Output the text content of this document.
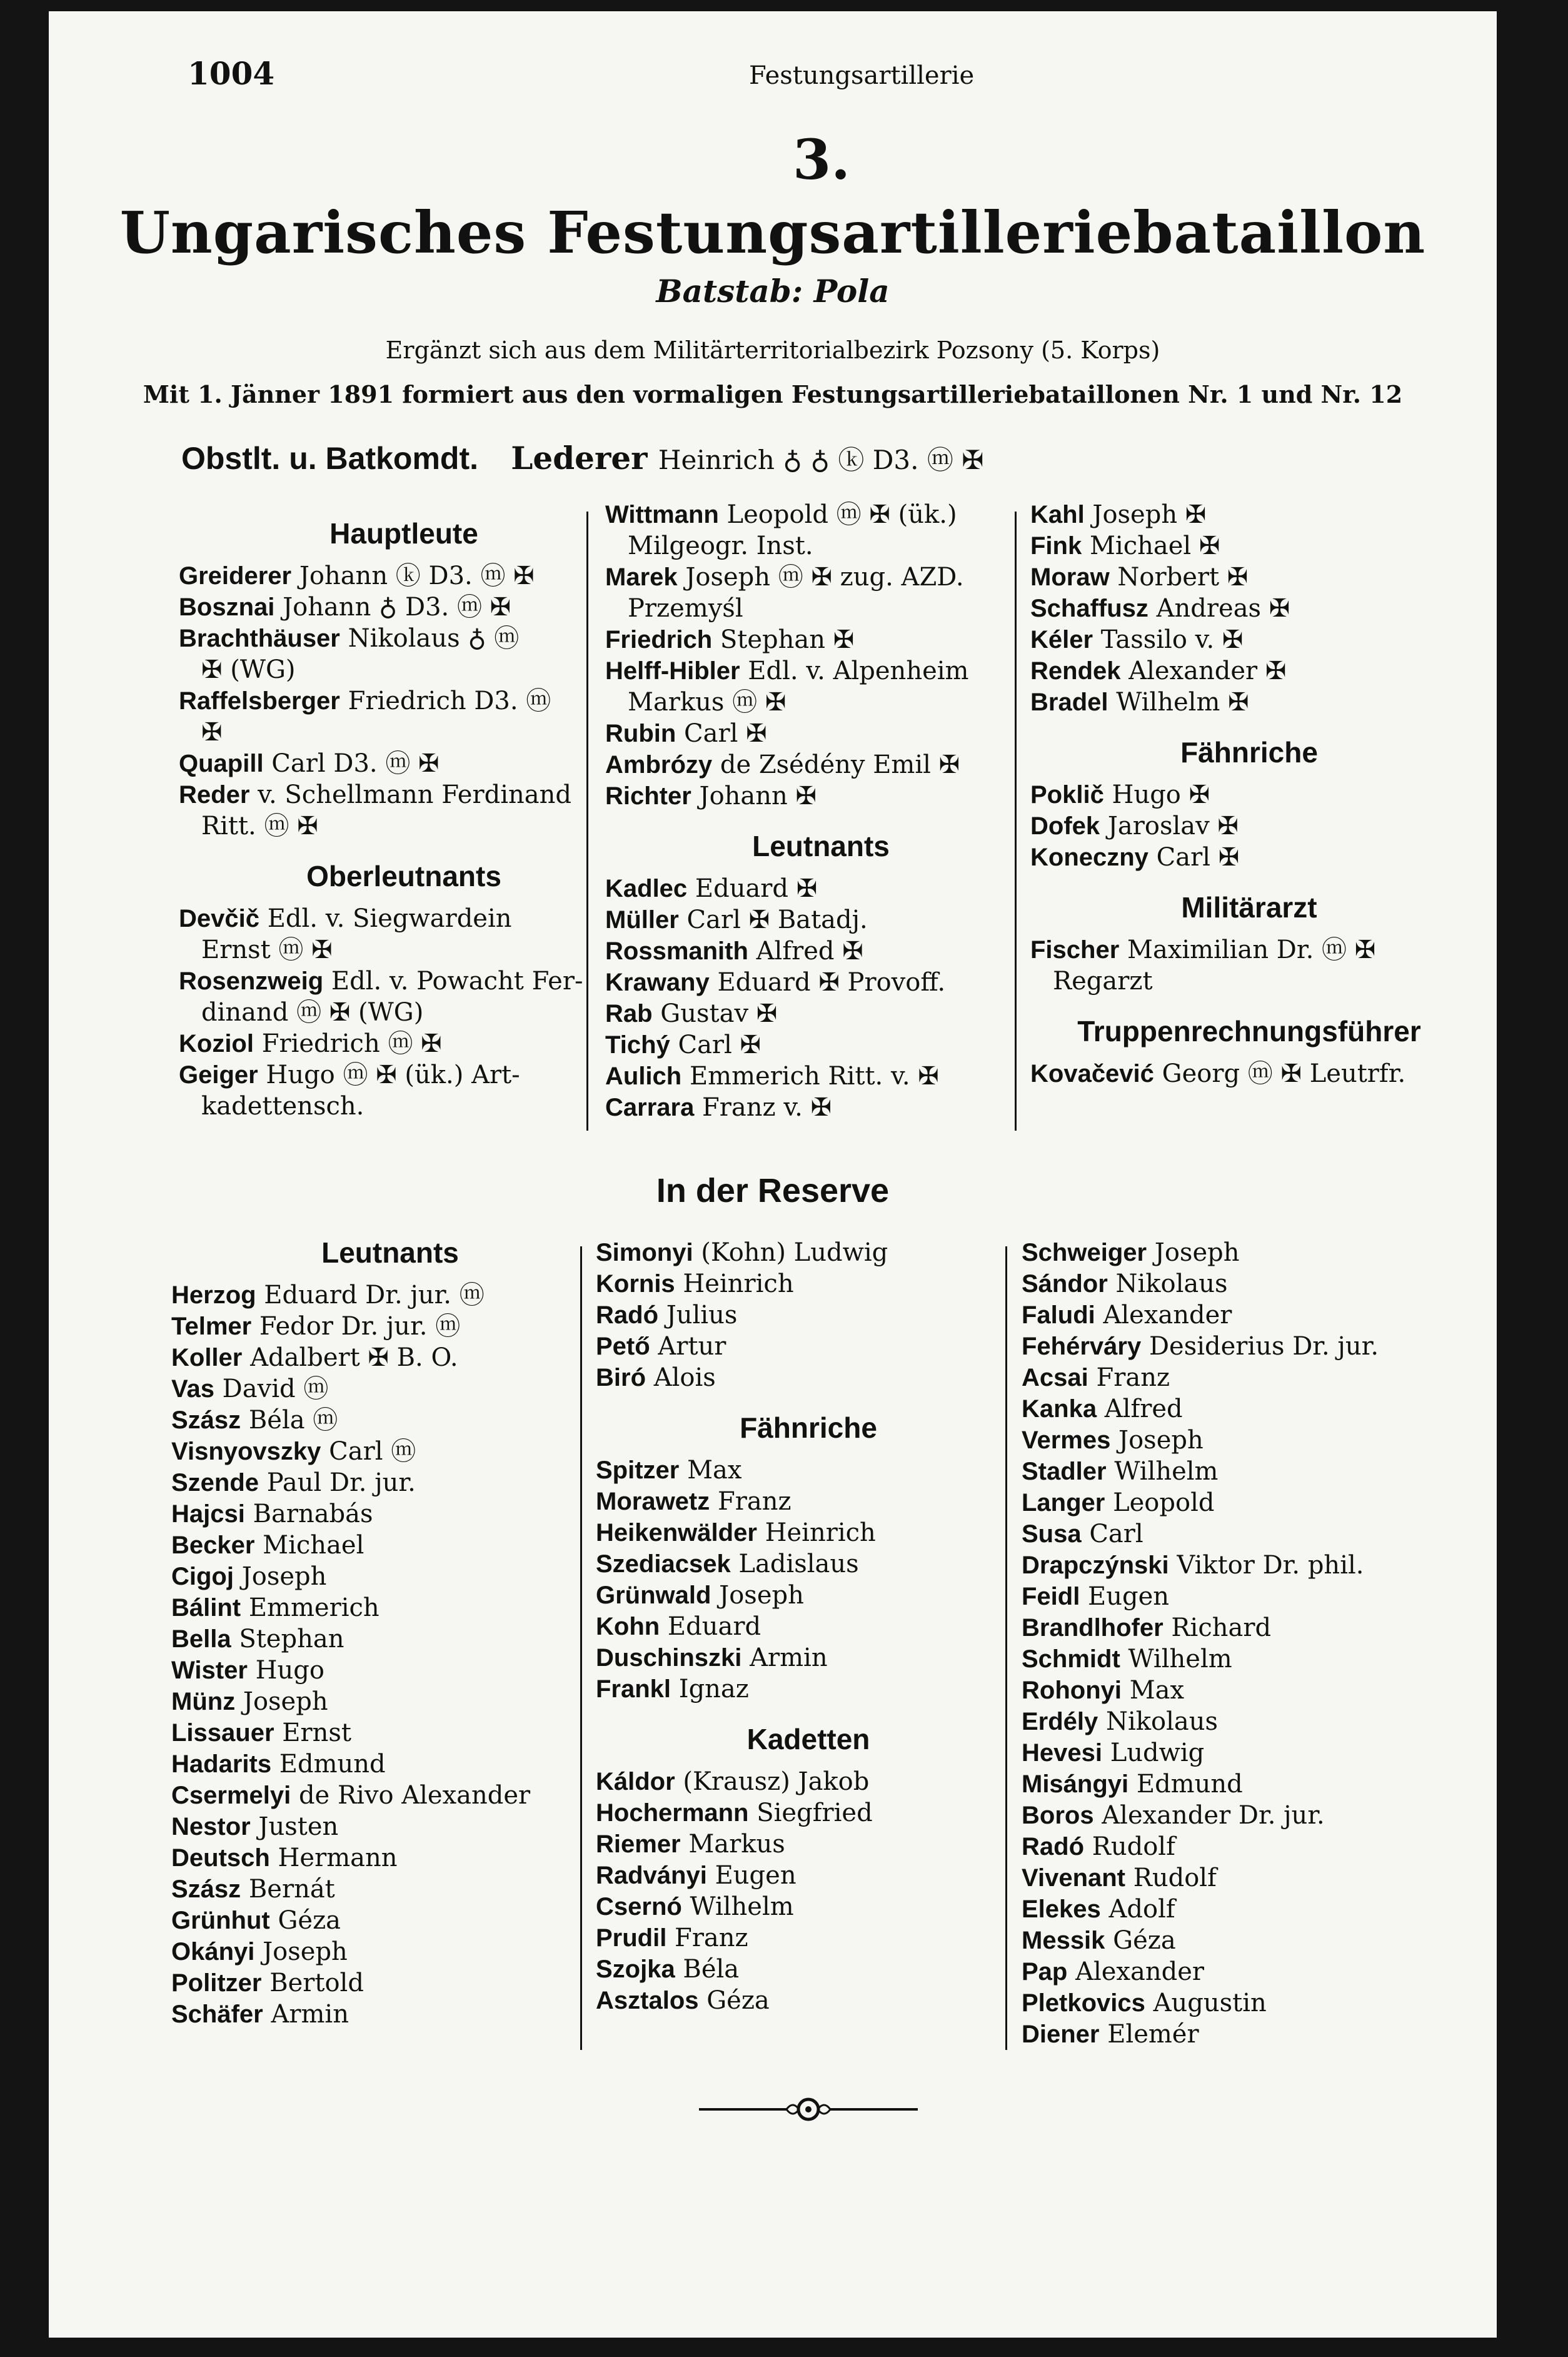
1004	Festungsartillerie
3.
Ungarisches Festungsartilleriebataillon
Batstab: Pola
Ergänzt sich aus dem Militärterritorialbezirk Pozsony (5. Korps)
Mit 1. Jänner 1891 formiert aus den vormaligen Festungsartilleriebataillonen Nr. 1 und Nr. 12
Obstlt. u. Batkomdt. Lederer Heinrich ♁ ♁ ⓚ D3. ⓜ ✠

Hauptleute

Greiderer Johann ⓚ D3. ⓜ ✠

Bosznai Johann ♁ D3. ⓜ ✠

Brachthäuser Nikolaus ♁ ⓜ

✠ (WG)

Raffelsberger Friedrich D3. ⓜ

✠

Quapill Carl D3. ⓜ ✠

Reder v. Schellmann Ferdinand

Ritt. ⓜ ✠

Oberleutnants

Devčič Edl. v. Siegwardein

Ernst ⓜ ✠

Rosenzweig Edl. v. Powacht Fer-

dinand ⓜ ✠ (WG)

Koziol Friedrich ⓜ ✠

Geiger Hugo ⓜ ✠ (ük.) Art-

kadettensch.

Wittmann Leopold ⓜ ✠ (ük.)

Milgeogr. Inst.

Marek Joseph ⓜ ✠ zug. AZD.

Przemyśl

Friedrich Stephan ✠

Helff-Hibler Edl. v. Alpenheim

Markus ⓜ ✠

Rubin Carl ✠

Ambrózy de Zsédény Emil ✠

Richter Johann ✠

Leutnants

Kadlec Eduard ✠

Müller Carl ✠ Batadj.

Rossmanith Alfred ✠

Krawany Eduard ✠ Provoff.

Rab Gustav ✠

Tichý Carl ✠

Aulich Emmerich Ritt. v. ✠

Carrara Franz v. ✠

Kahl Joseph ✠

Fink Michael ✠

Moraw Norbert ✠

Schaffusz Andreas ✠

Kéler Tassilo v. ✠

Rendek Alexander ✠

Bradel Wilhelm ✠

Fähnriche

Poklič Hugo ✠

Dofek Jaroslav ✠

Koneczny Carl ✠

Militärarzt

Fischer Maximilian Dr. ⓜ ✠

Regarzt

Truppenrechnungsführer

Kovačević Georg ⓜ ✠ Leutrfr.

In der Reserve

Leutnants

Herzog Eduard Dr. jur. ⓜ

Telmer Fedor Dr. jur. ⓜ

Koller Adalbert ✠ B. O.

Vas David ⓜ

Szász Béla ⓜ

Visnyovszky Carl ⓜ

Szende Paul Dr. jur.

Hajcsi Barnabás

Becker Michael

Cigoj Joseph

Bálint Emmerich

Bella Stephan

Wister Hugo

Münz Joseph

Lissauer Ernst

Hadarits Edmund

Csermelyi de Rivo Alexander

Nestor Justen

Deutsch Hermann

Szász Bernát

Grünhut Géza

Okányi Joseph

Politzer Bertold

Schäfer Armin

Simonyi (Kohn) Ludwig

Kornis Heinrich

Radó Julius

Pető Artur

Biró Alois

Fähnriche

Spitzer Max

Morawetz Franz

Heikenwälder Heinrich

Szediacsek Ladislaus

Grünwald Joseph

Kohn Eduard

Duschinszki Armin

Frankl Ignaz

Kadetten

Káldor (Krausz) Jakob

Hochermann Siegfried

Riemer Markus

Radványi Eugen

Csernó Wilhelm

Prudil Franz

Szojka Béla

Asztalos Géza

Schweiger Joseph

Sándor Nikolaus

Faludi Alexander

Fehérváry Desiderius Dr. jur.

Acsai Franz

Kanka Alfred

Vermes Joseph

Stadler Wilhelm

Langer Leopold

Susa Carl

Drapczýnski Viktor Dr. phil.

Feidl Eugen

Brandlhofer Richard

Schmidt Wilhelm

Rohonyi Max

Erdély Nikolaus

Hevesi Ludwig

Misángyi Edmund

Boros Alexander Dr. jur.

Radó Rudolf

Vivenant Rudolf

Elekes Adolf

Messik Géza

Pap Alexander

Pletkovics Augustin

Diener Elemér
